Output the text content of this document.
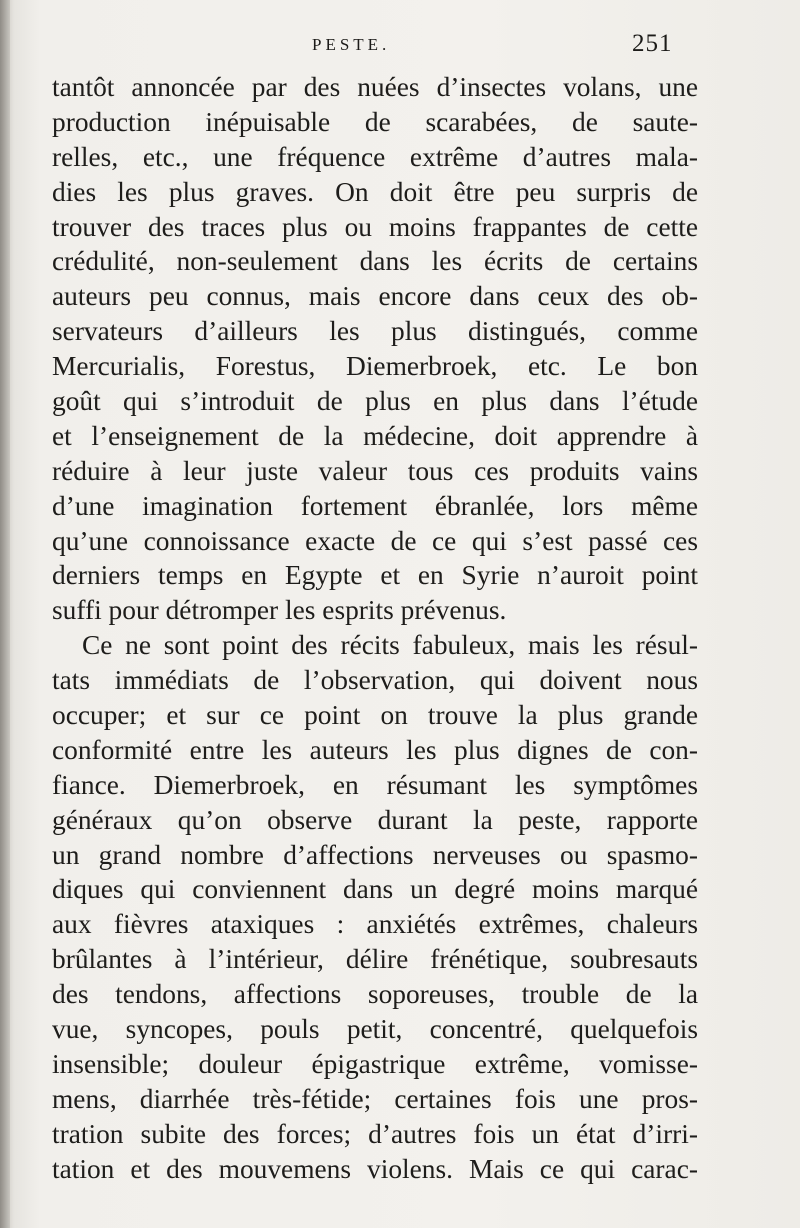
PESTE.	251
tantôt annoncée par des nuées d’insectes volans, une
production inépuisable de scarabées, de saute-
relles, etc., une fréquence extrême d’autres mala-
dies les plus graves. On doit être peu surpris de
trouver des traces plus ou moins frappantes de cette
crédulité, non-seulement dans les écrits de certains
auteurs peu connus, mais encore dans ceux des ob-
servateurs d’ailleurs les plus distingués, comme
Mercurialis, Forestus, Diemerbroek, etc. Le bon
goût qui s’introduit de plus en plus dans l’étude
et l’enseignement de la médecine, doit apprendre à
réduire à leur juste valeur tous ces produits vains
d’une imagination fortement ébranlée, lors même
qu’une connoissance exacte de ce qui s’est passé ces
derniers temps en Egypte et en Syrie n’auroit point
suffi pour détromper les esprits prévenus.
Ce ne sont point des récits fabuleux, mais les résul-
tats immédiats de l’observation, qui doivent nous
occuper; et sur ce point on trouve la plus grande
conformité entre les auteurs les plus dignes de con-
fiance. Diemerbroek, en résumant les symptômes
généraux qu’on observe durant la peste, rapporte
un grand nombre d’affections nerveuses ou spasmo-
diques qui conviennent dans un degré moins marqué
aux fièvres ataxiques : anxiétés extrêmes, chaleurs
brûlantes à l’intérieur, délire frénétique, soubresauts
des tendons, affections soporeuses, trouble de la
vue, syncopes, pouls petit, concentré, quelquefois
insensible; douleur épigastrique extrême, vomisse-
mens, diarrhée très-fétide; certaines fois une pros-
tration subite des forces; d’autres fois un état d’irri-
tation et des mouvemens violens. Mais ce qui carac-
